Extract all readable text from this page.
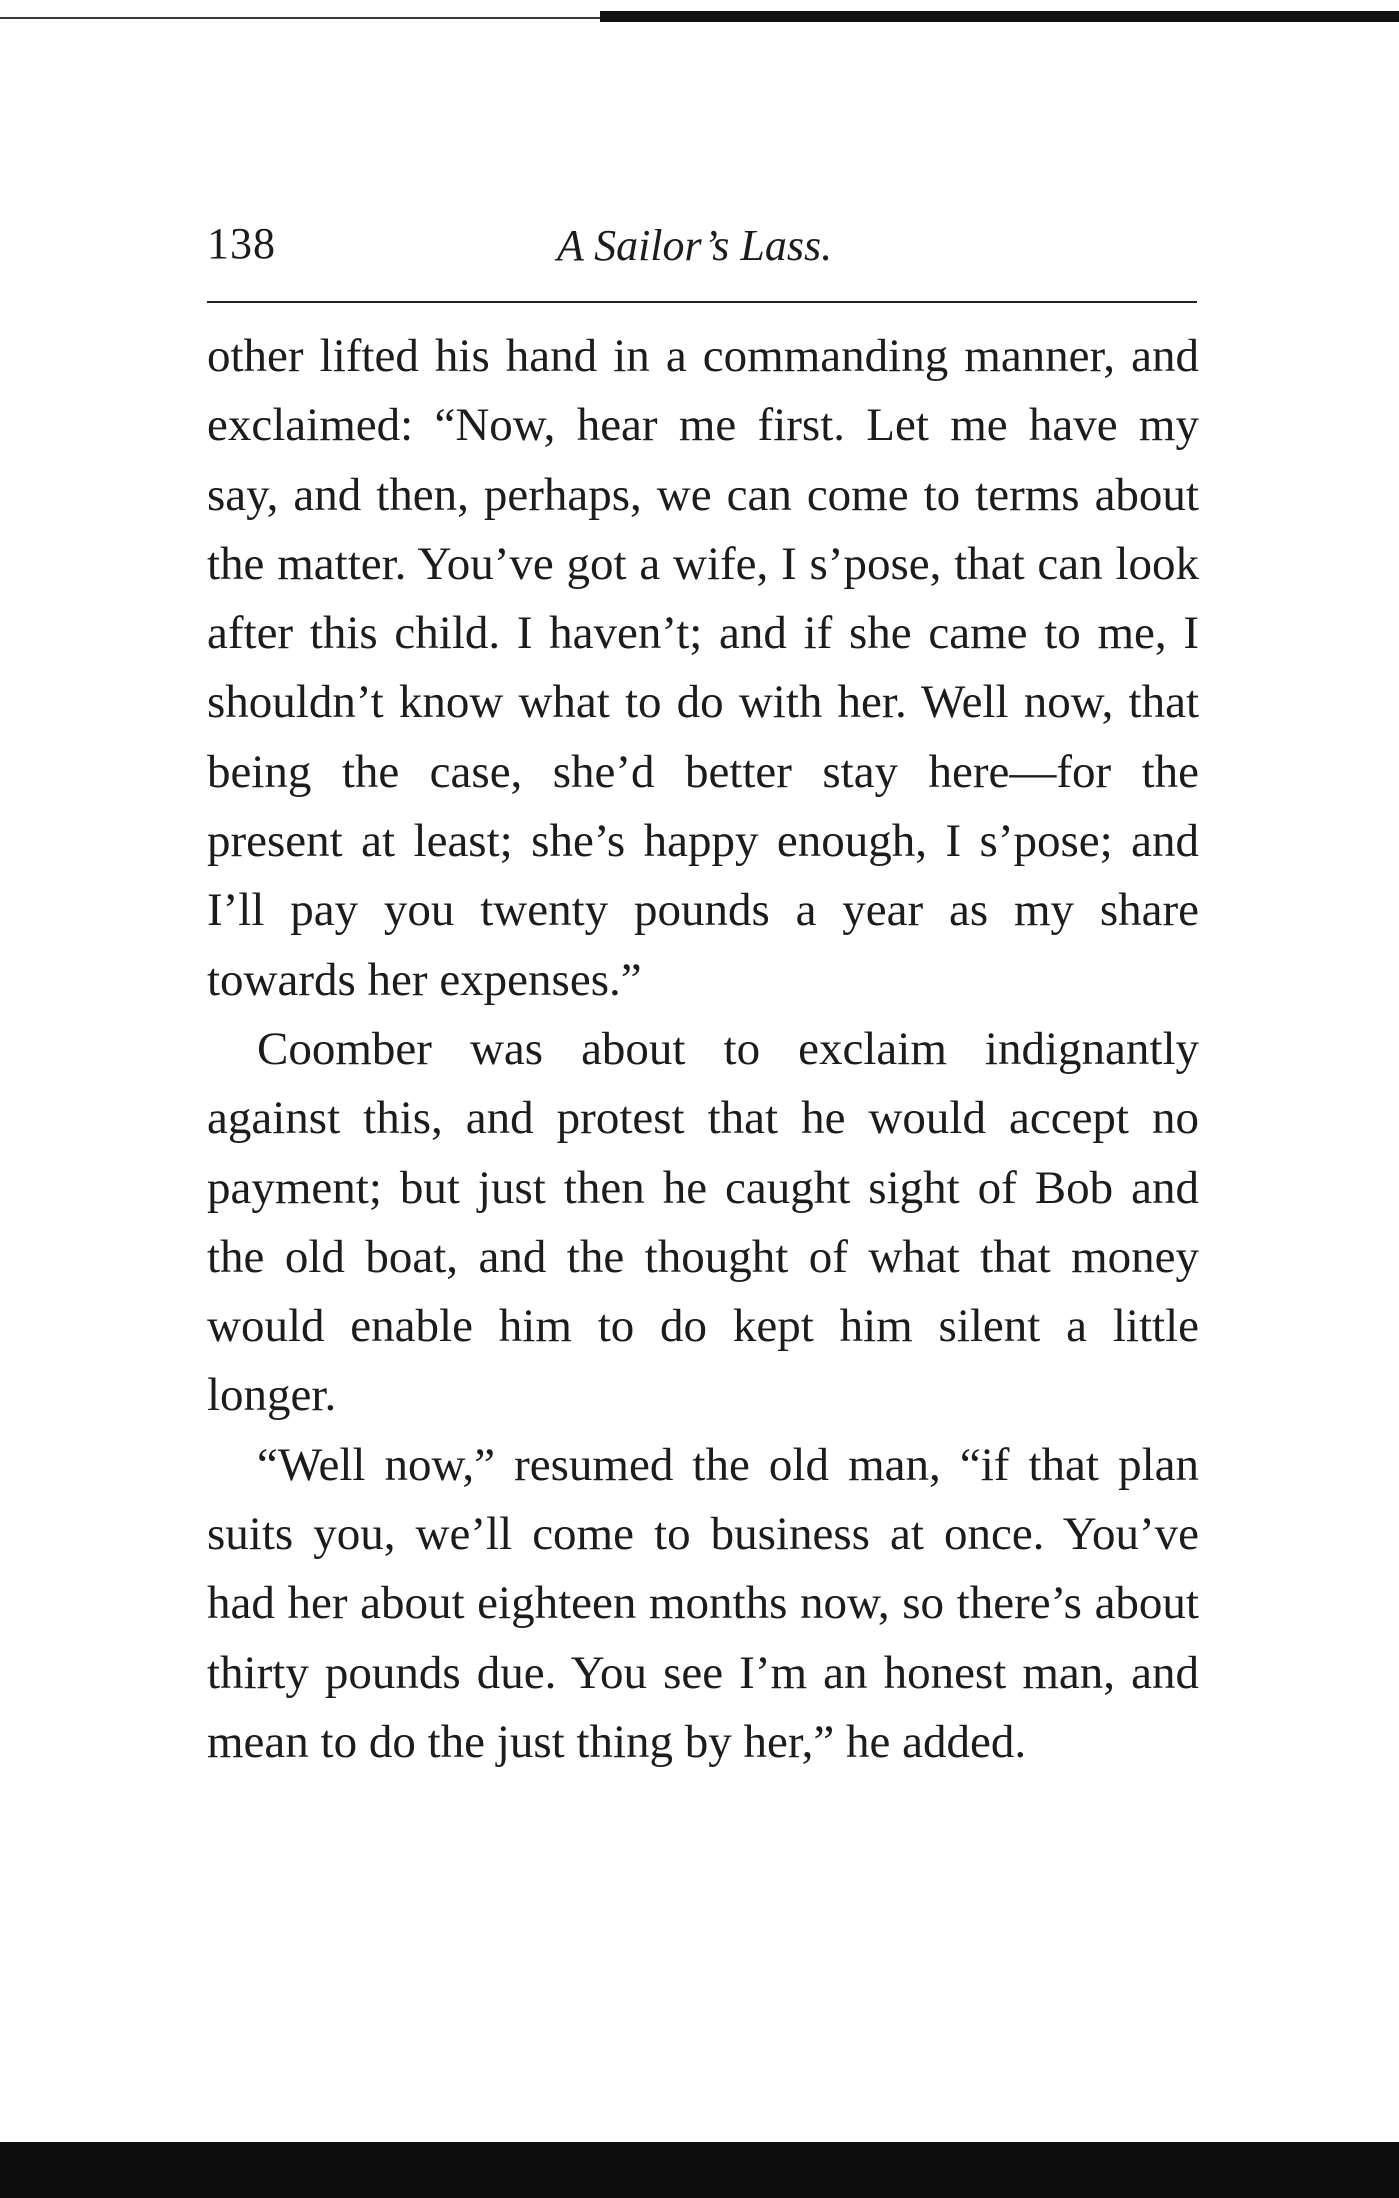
138	A Sailor’s Lass.

other lifted his hand in a commanding manner, and exclaimed: “Now, hear me first. Let me have my say, and then, perhaps, we can come to terms about the matter. You’ve got a wife, I s’pose, that can look after this child. I haven’t; and if she came to me, I shouldn’t know what to do with her. Well now, that being the case, she’d better stay here—for the present at least; she’s happy enough, I s’pose; and I’ll pay you twenty pounds a year as my share towards her expenses.”

Coomber was about to exclaim indignantly against this, and protest that he would accept no payment; but just then he caught sight of Bob and the old boat, and the thought of what that money would enable him to do kept him silent a little longer.

“Well now,” resumed the old man, “if that plan suits you, we’ll come to business at once. You’ve had her about eighteen months now, so there’s about thirty pounds due. You see I’m an honest man, and mean to do the just thing by her,” he added.
